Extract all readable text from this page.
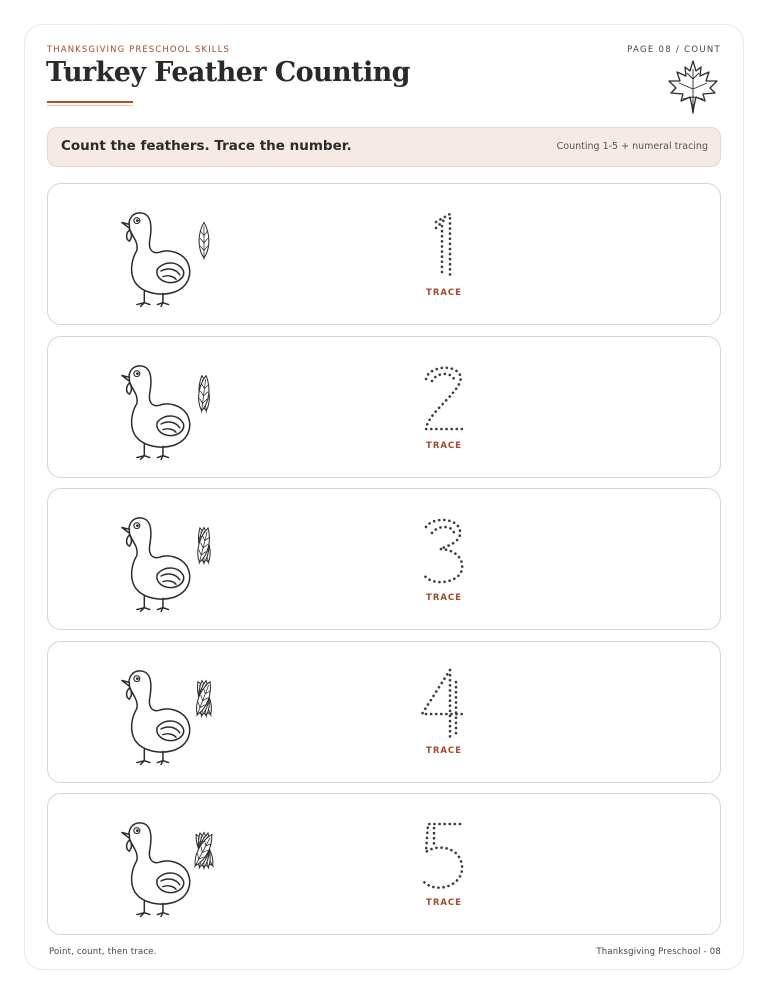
THANKSGIVING PRESCHOOL SKILLS	PAGE 08 / COUNT
Turkey Feather Counting
Count the feathers. Trace the number.	Counting 1-5 + numeral tracing
TRACE
TRACE
TRACE
TRACE
TRACE
Point, count, then trace.	Thanksgiving Preschool - 08
